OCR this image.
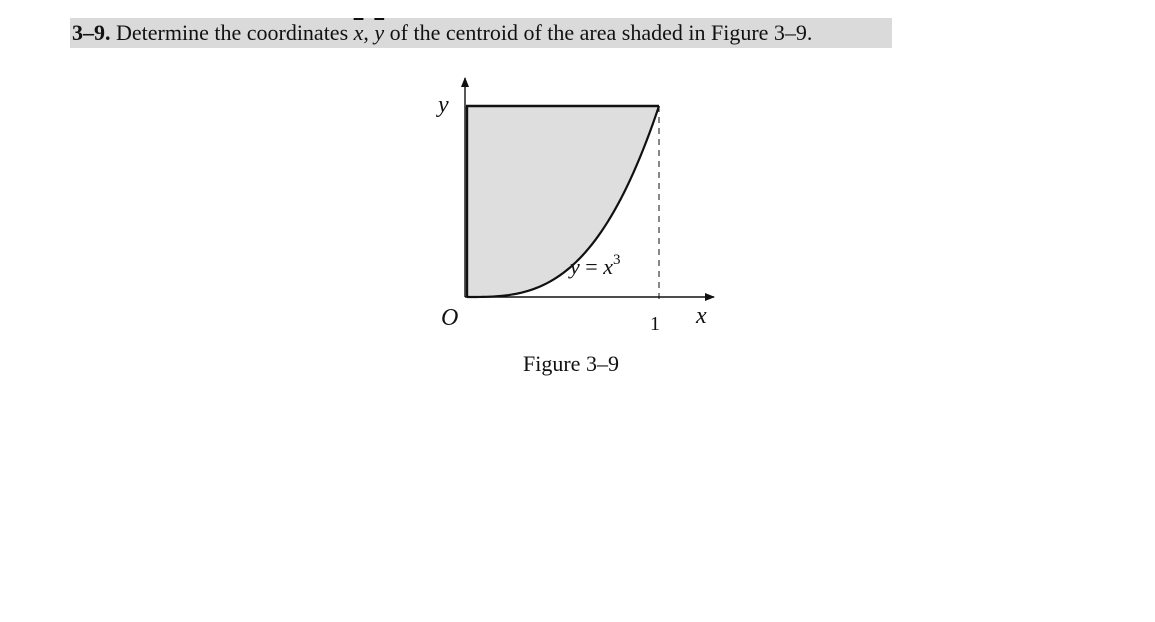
3–9. Determine the coordinates $\overline{x}$, $\overline{y}$ of the centroid of the area shaded in Figure 3–9.
y
x
O	1
$y = x^3$
Figure 3–9
